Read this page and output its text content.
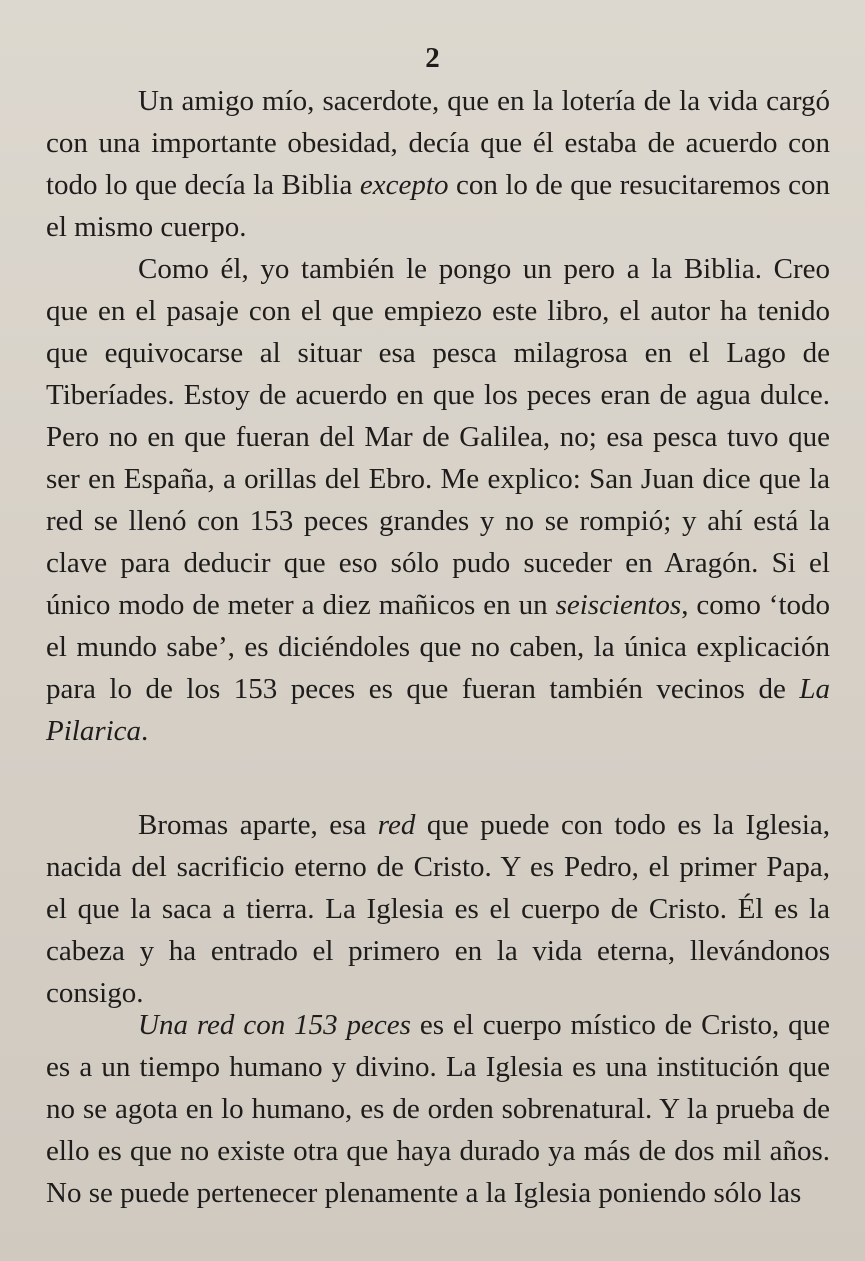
2

Un amigo mío, sacerdote, que en la lotería de la vida cargó con una importante obesidad, decía que él estaba de acuerdo con todo lo que decía la Biblia excepto con lo de que resucitaremos con el mismo cuerpo.

Como él, yo también le pongo un pero a la Biblia. Creo que en el pasaje con el que empiezo este libro, el autor ha tenido que equivocarse al situar esa pesca milagrosa en el Lago de Tiberíades. Estoy de acuerdo en que los peces eran de agua dulce. Pero no en que fueran del Mar de Galilea, no; esa pesca tuvo que ser en España, a orillas del Ebro. Me explico: San Juan dice que la red se llenó con 153 peces grandes y no se rompió; y ahí está la clave para deducir que eso sólo pudo suceder en Aragón. Si el único modo de meter a diez mañicos en un seiscientos, como ‘todo el mundo sabe’, es diciéndoles que no caben, la única explicación para lo de los 153 peces es que fueran también vecinos de La Pilarica.

Bromas aparte, esa red que puede con todo es la Iglesia, nacida del sacrificio eterno de Cristo. Y es Pedro, el primer Papa, el que la saca a tierra. La Iglesia es el cuerpo de Cristo. Él es la cabeza y ha entrado el primero en la vida eterna, llevándonos consigo.

Una red con 153 peces es el cuerpo místico de Cristo, que es a un tiempo humano y divino. La Iglesia es una institución que no se agota en lo humano, es de orden sobrenatural. Y la prueba de ello es que no existe otra que haya durado ya más de dos mil años. No se puede pertenecer plenamente a la Iglesia poniendo sólo las
